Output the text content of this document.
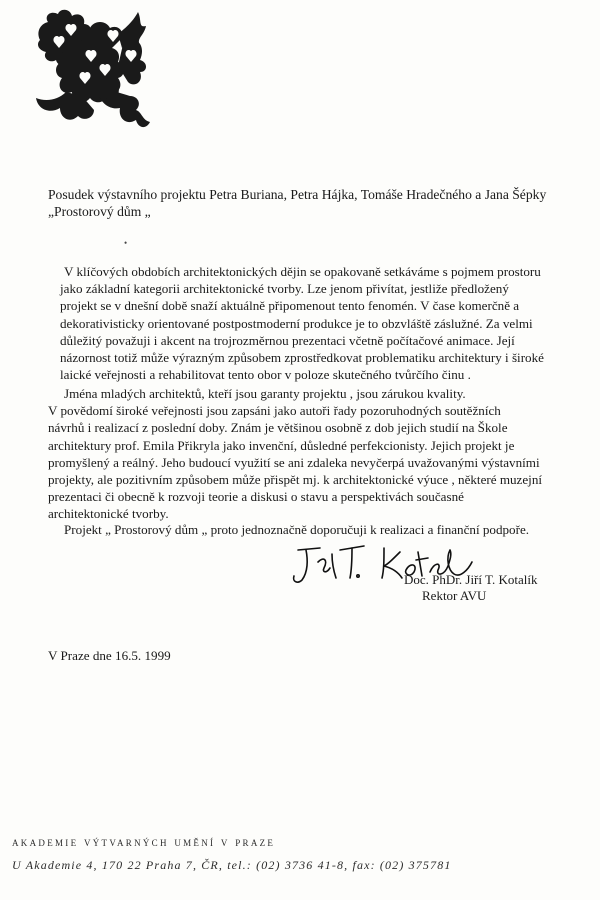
Posudek výstavního projektu Petra Buriana, Petra Hájka, Tomáše Hradečného a Jana Šépky
„Prostorový dům „
•
V klíčových obdobích architektonických dějin se opakovaně setkáváme s pojmem prostoru
jako základní kategorii architektonické tvorby. Lze jenom přivítat, jestliže předložený
projekt se v dnešní době snaží aktuálně připomenout tento fenomén. V čase komerčně a
dekorativisticky orientované postpostmoderní produkce je to obzvláště záslužné. Za velmi
důležitý považuji i akcent na trojrozměrnou prezentaci včetně počítačové animace. Její
názornost totiž může výrazným způsobem zprostředkovat problematiku architektury i široké
laické veřejnosti a rehabilitovat tento obor v poloze skutečného tvůrčího činu .
Jména mladých architektů, kteří jsou garanty projektu , jsou zárukou kvality.
V povědomí široké veřejnosti jsou zapsáni jako autoři řady pozoruhodných soutěžních
návrhů i realizací z poslední doby. Znám je většinou osobně z dob jejich studií na Škole
architektury prof. Emila Přikryla jako invenční, důsledné perfekcionisty. Jejich projekt je
promyšlený a reálný. Jeho budoucí využití se ani zdaleka nevyčerpá uvažovanými výstavními
projekty, ale pozitivním způsobem může přispět mj. k architektonické výuce , některé muzejní
prezentaci či obecně k rozvoji teorie a diskusi o stavu a perspektivách současné
architektonické tvorby.
Projekt „ Prostorový dům „ proto jednoznačně doporučuji k realizaci a finanční podpoře.
Doc. PhDr. Jiří T. Kotalík
Rektor AVU
V Praze dne 16.5. 1999
akademie výtvarných umění v praze
U Akademie 4, 170 22 Praha 7, ČR, tel.: (02) 3736 41-8, fax: (02) 375781
